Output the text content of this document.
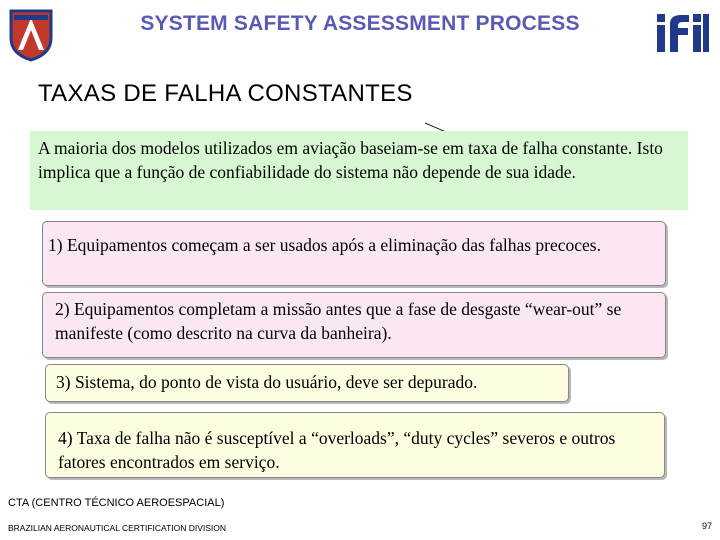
SYSTEM SAFETY ASSESSMENT PROCESS
TAXAS DE FALHA CONSTANTES
A maioria dos modelos utilizados em aviação baseiam-se em taxa de falha constante. Isto implica que a função de confiabilidade do sistema não depende de sua idade.
1) Equipamentos começam a ser usados após a eliminação das falhas precoces.
2) Equipamentos completam a missão antes que a fase de desgaste “wear-out” se manifeste (como descrito na curva da banheira).
3) Sistema, do ponto de vista do usuário, deve ser depurado.
4) Taxa de falha não é susceptível a “overloads”, “duty cycles” severos e outros fatores encontrados em serviço.
CTA (CENTRO TÉCNICO AEROESPACIAL)
BRAZILIAN AERONAUTICAL CERTIFICATION DIVISION	97
